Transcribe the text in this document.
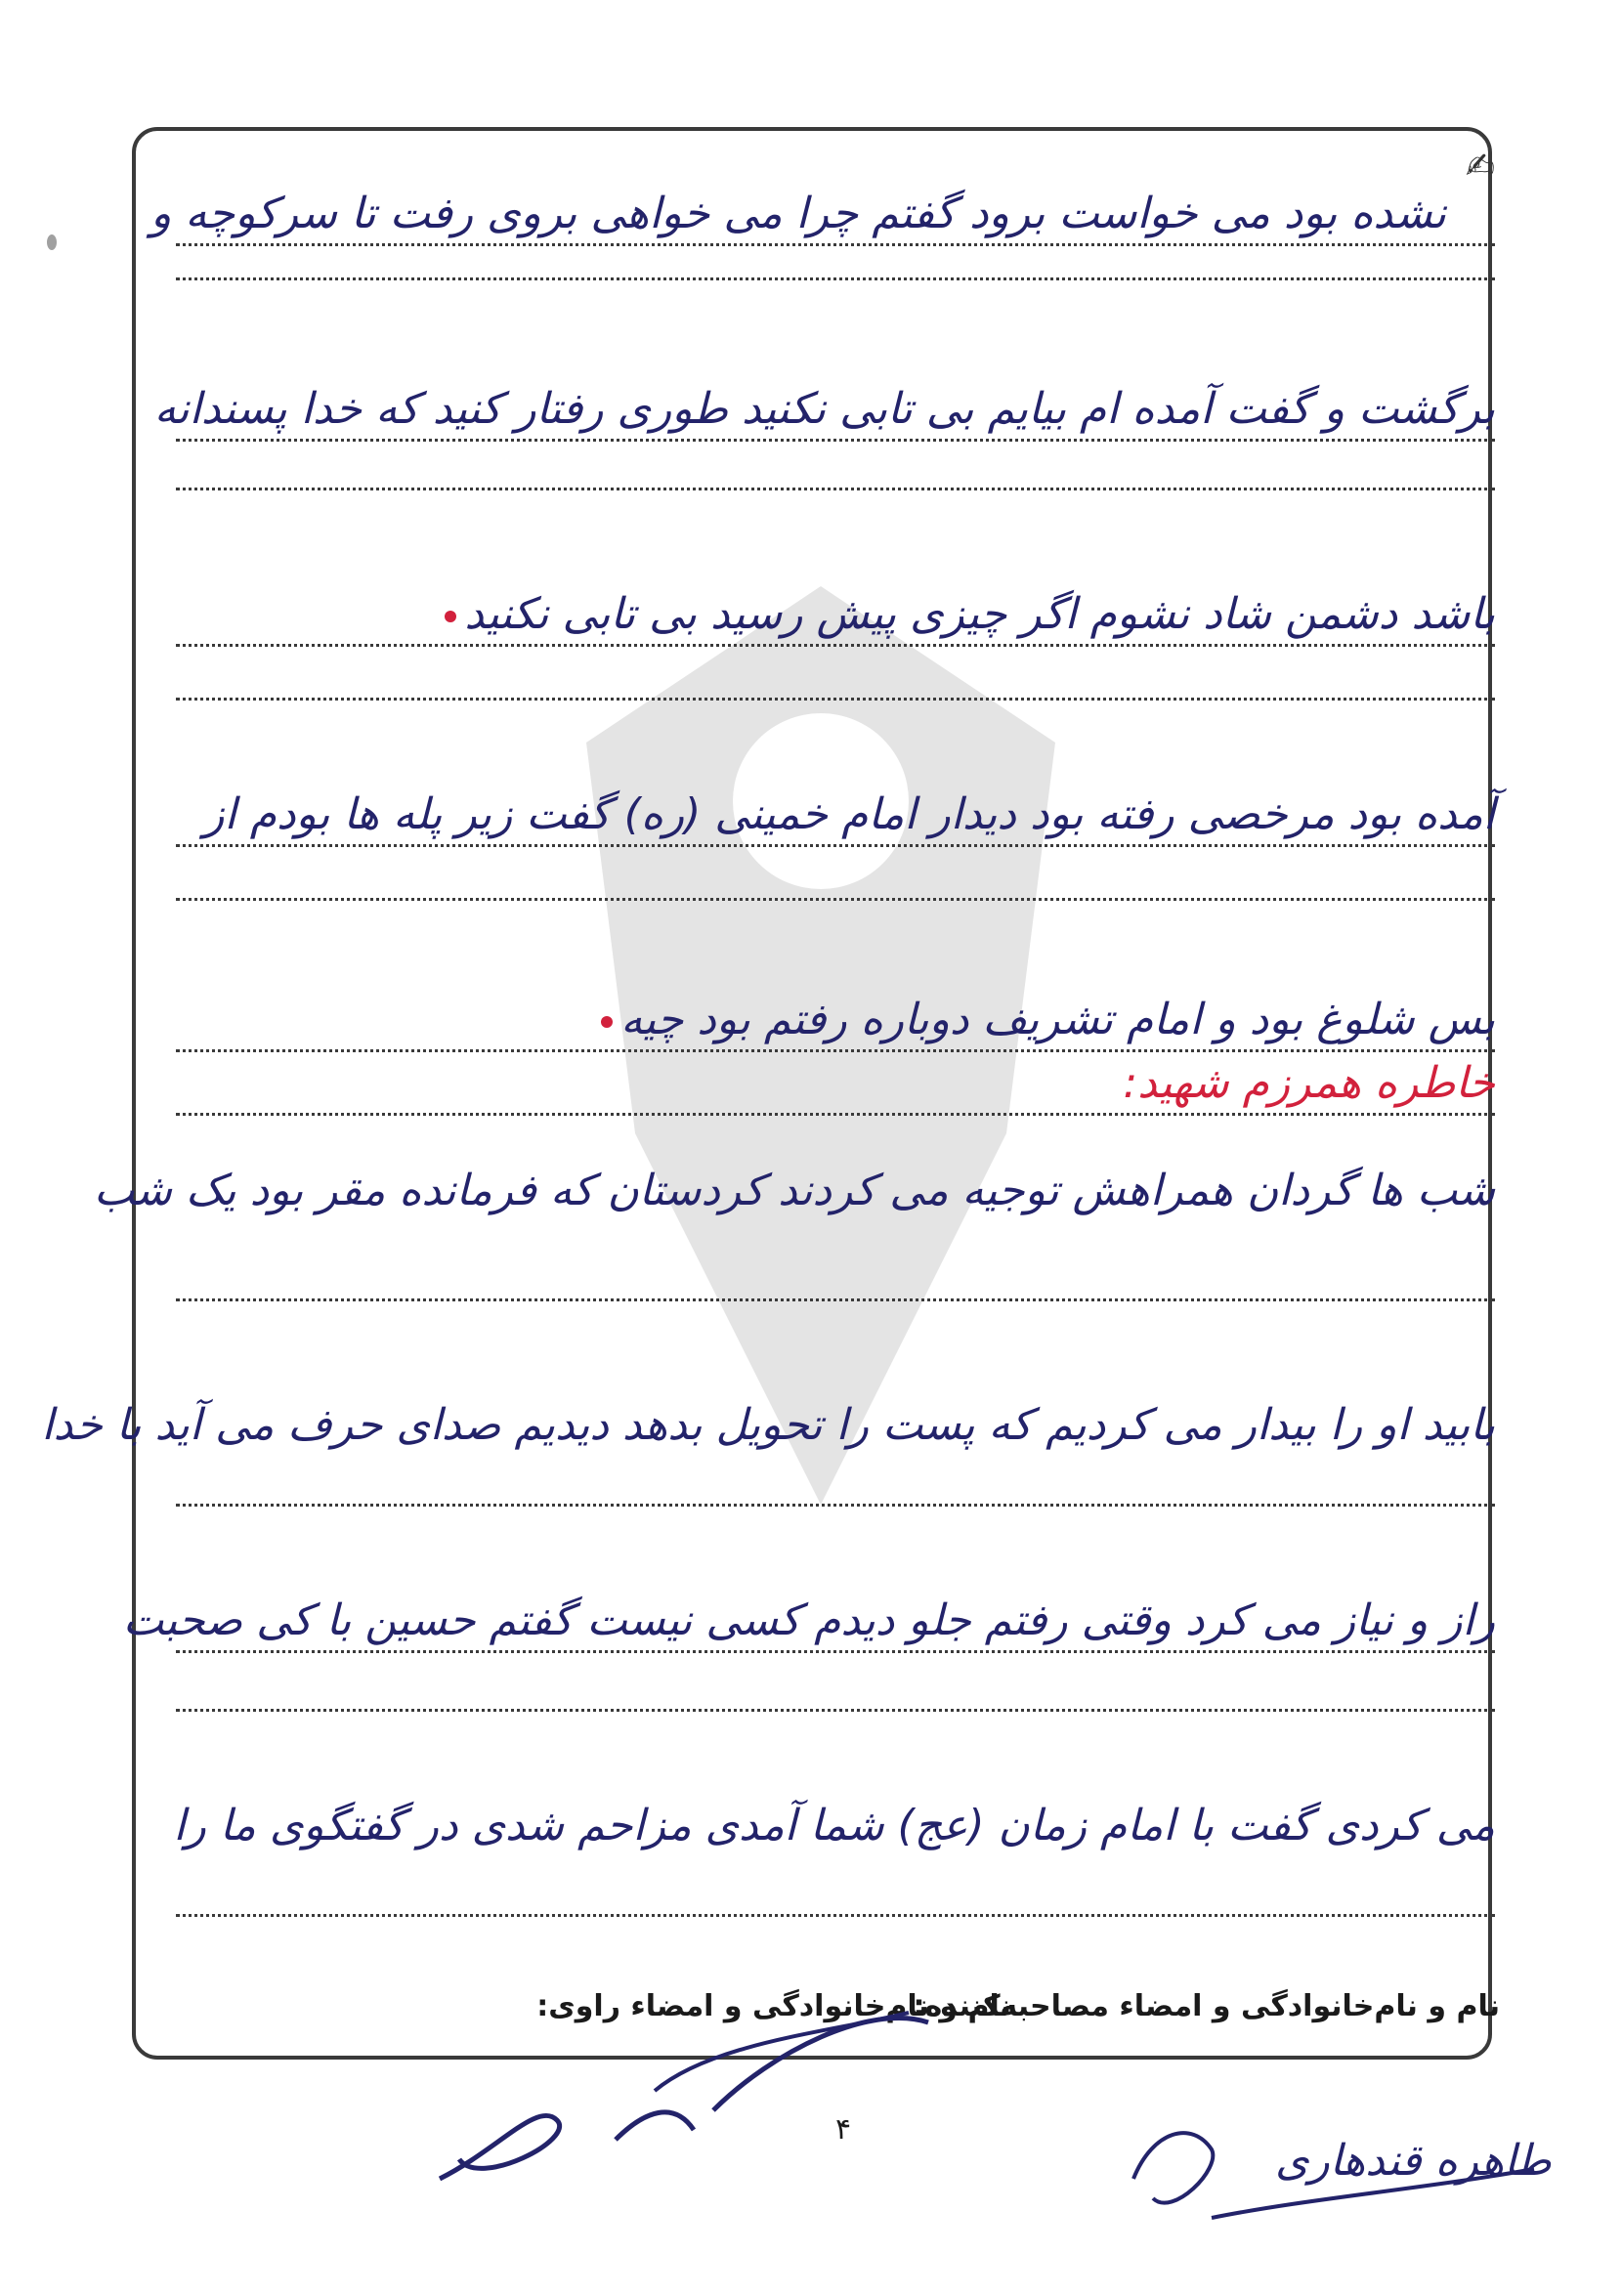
✍
نشده بود می خواست برود گفتم چرا می خواهی بروی رفت تا سرکوچه و
برگشت و گفت آمده ام بیایم بی تابی نکنید طوری رفتار کنید که خدا پسندانه
باشد دشمن شاد نشوم اگر چیزی پیش رسید بی تابی نکنید
آمده بود مرخصی رفته بود دیدار امام خمینی (ره) گفت زیر پله ها بودم از
بس شلوغ بود و امام تشریف دوباره رفتم بود چیه
خاطره همرزم شهید:
شب ها گردان همراهش توجیه می کردند کردستان که فرمانده مقر بود یک شب
بابید او را بیدار می کردیم که پست را تحویل بدهد دیدیم صدای حرف می آید با خدا
راز و نیاز می کرد وقتی رفتم جلو دیدم کسی نیست گفتم حسین با کی صحبت
می کردی گفت با امام زمان (عج) شما آمدی مزاحم شدی در گفتگوی ما را
نام و نام‌خانوادگی و امضاء مصاحبه‌کننده:
نام و نام‌خانوادگی و امضاء راوی:
۴
طاهره قندهاری
